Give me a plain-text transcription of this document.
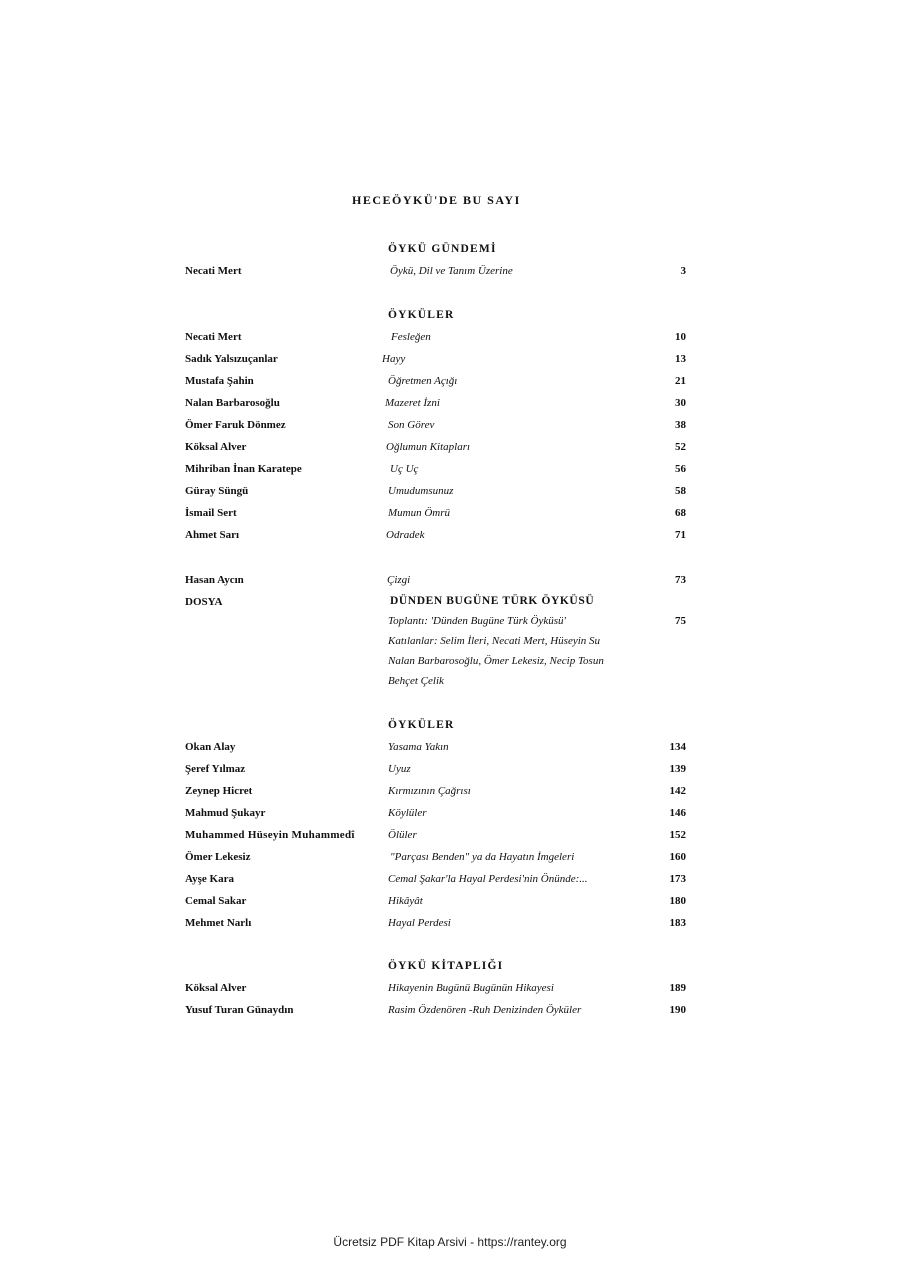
HECEÖYKÜ'DE BU SAYI
ÖYKÜ GÜNDEMİ
Necati Mert	Öykü, Dil ve Tanım Üzerine	3
ÖYKÜLER
Necati Mert	Fesleğen	10
Sadık Yalsızuçanlar	Hayy	13
Mustafa Şahin	Öğretmen Açığı	21
Nalan Barbarosoğlu	Mazeret İzni	30
Ömer Faruk Dönmez	Son Görev	38
Köksal Alver	Oğlumun Kitapları	52
Mihriban İnan Karatepe	Uç Uç	56
Güray Süngü	Umudumsunuz	58
İsmail Sert	Mumun Ömrü	68
Ahmet Sarı	Odradek	71
Hasan Aycın	Çizgi	73
DOSYA	DÜNDEN BUGÜNE TÜRK ÖYKÜSÜ
Toplantı: 'Dünden Bugüne Türk Öyküsü'	75
Katılanlar: Selim İleri, Necati Mert, Hüseyin Su
Nalan Barbarosoğlu, Ömer Lekesiz, Necip Tosun
Behçet Çelik
ÖYKÜLER
Okan Alay	Yasama Yakın	134
Şeref Yılmaz	Uyuz	139
Zeynep Hicret	Kırmızının Çağrısı	142
Mahmud Şukayr	Köylüler	146
Muhammed Hüseyin Muhammedî	Ölüler	152
Ömer Lekesiz	"Parçası Benden" ya da Hayatın İmgeleri	160
Ayşe Kara	Cemal Şakar'la Hayal Perdesi'nin Önünde:...	173
Cemal Sakar	Hikâyât	180
Mehmet Narlı	Hayal Perdesi	183
ÖYKÜ KİTAPLIĞI
Köksal Alver	Hikayenin Bugünü Bugünün Hikayesi	189
Yusuf Turan Günaydın	Rasim Özdenören -Ruh Denizinden Öyküler	190
Ücretsiz PDF Kitap Arsivi - https://rantey.org
